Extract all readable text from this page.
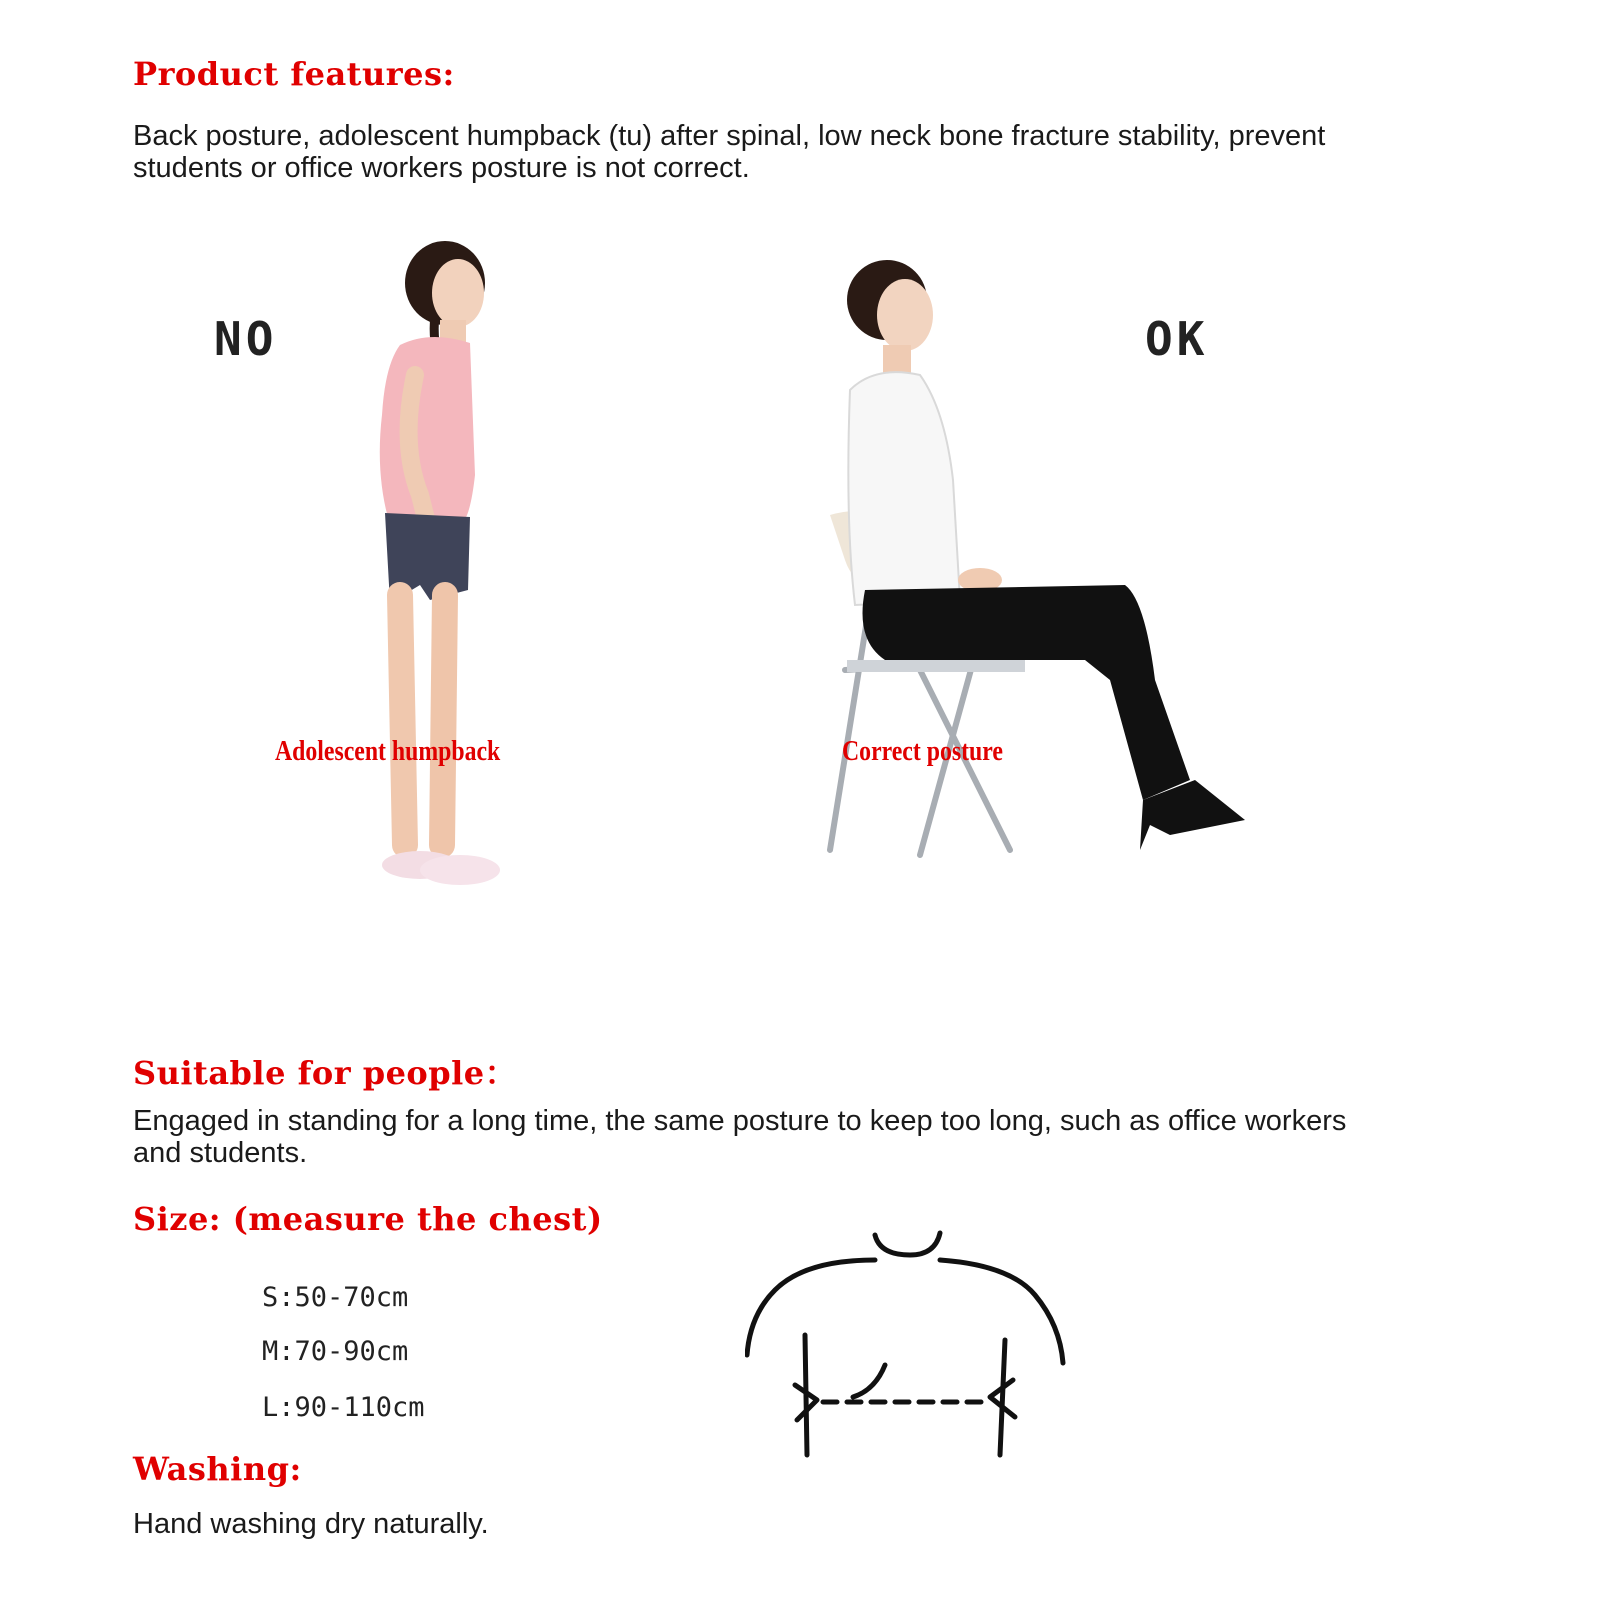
Product features:
Back posture, adolescent humpback (tu) after spinal, low neck bone fracture stability, prevent students or office workers posture is not correct.
NO	OK
Adolescent humpback	Correct posture
Suitable for people：
Engaged in standing for a long time, the same posture to keep too long, such as office workers and students.
Size: (measure the chest)
S:50-70cm
M:70-90cm
L:90-110cm
Washing:
Hand washing dry naturally.
